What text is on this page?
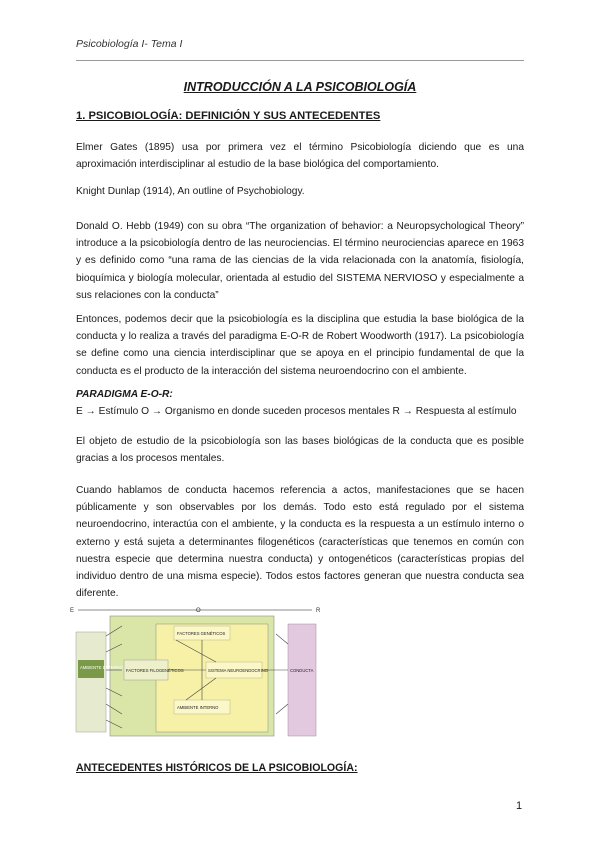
Psicobiología I- Tema I
INTRODUCCIÓN A LA PSICOBIOLOGÍA
1. PSICOBIOLOGÍA: DEFINICIÓN Y SUS ANTECEDENTES

Elmer Gates (1895) usa por primera vez el término Psicobiología diciendo que es una aproximación interdisciplinar al estudio de la base biológica del comportamiento.

Knight Dunlap (1914), An outline of Psychobiology.

Donald O. Hebb (1949) con su obra “The organization of behavior: a Neuropsychological Theory” introduce a la psicobiología dentro de las neurociencias. El término neurociencias aparece en 1963 y es definido como “una rama de las ciencias de la vida relacionada con la anatomía, fisiología, bioquímica y biología molecular, orientada al estudio del SISTEMA NERVIOSO y especialmente a sus relaciones con la conducta”

Entonces, podemos decir que la psicobiología es la disciplina que estudia la base biológica de la conducta y lo realiza a través del paradigma E-O-R de Robert Woodworth (1917). La psicobiología se define como una ciencia interdisciplinar que se apoya en el principio fundamental de que la conducta es el producto de la interacción del sistema neuroendocrino con el ambiente.

PARADIGMA E-O-R:
E → Estímulo O → Organismo en donde suceden procesos mentales R → Respuesta al estímulo

El objeto de estudio de la psicobiología son las bases biológicas de la conducta que es posible gracias a los procesos mentales.

Cuando hablamos de conducta hacemos referencia a actos, manifestaciones que se hacen públicamente y son observables por los demás. Todo esto está regulado por el sistema neuroendocrino, interactúa con el ambiente, y la conducta es la respuesta a un estímulo interno o externo y está sujeta a determinantes filogenéticos (características que tenemos en común con nuestra especie que determina nuestra conducta) y ontogenéticos (características propias del individuo dentro de una misma especie). Todos estos factores generan que nuestra conducta sea diferente.

E	O	R
AMBIENTE EXTERNO
CONDUCTA
FACTORES GENÉTICOS
FACTORES FILOGENÉTICOS	SISTEMA NEUROENDOCRINO
AMBIENTE INTERNO
ANTECEDENTES HISTÓRICOS DE LA PSICOBIOLOGÍA:
1
